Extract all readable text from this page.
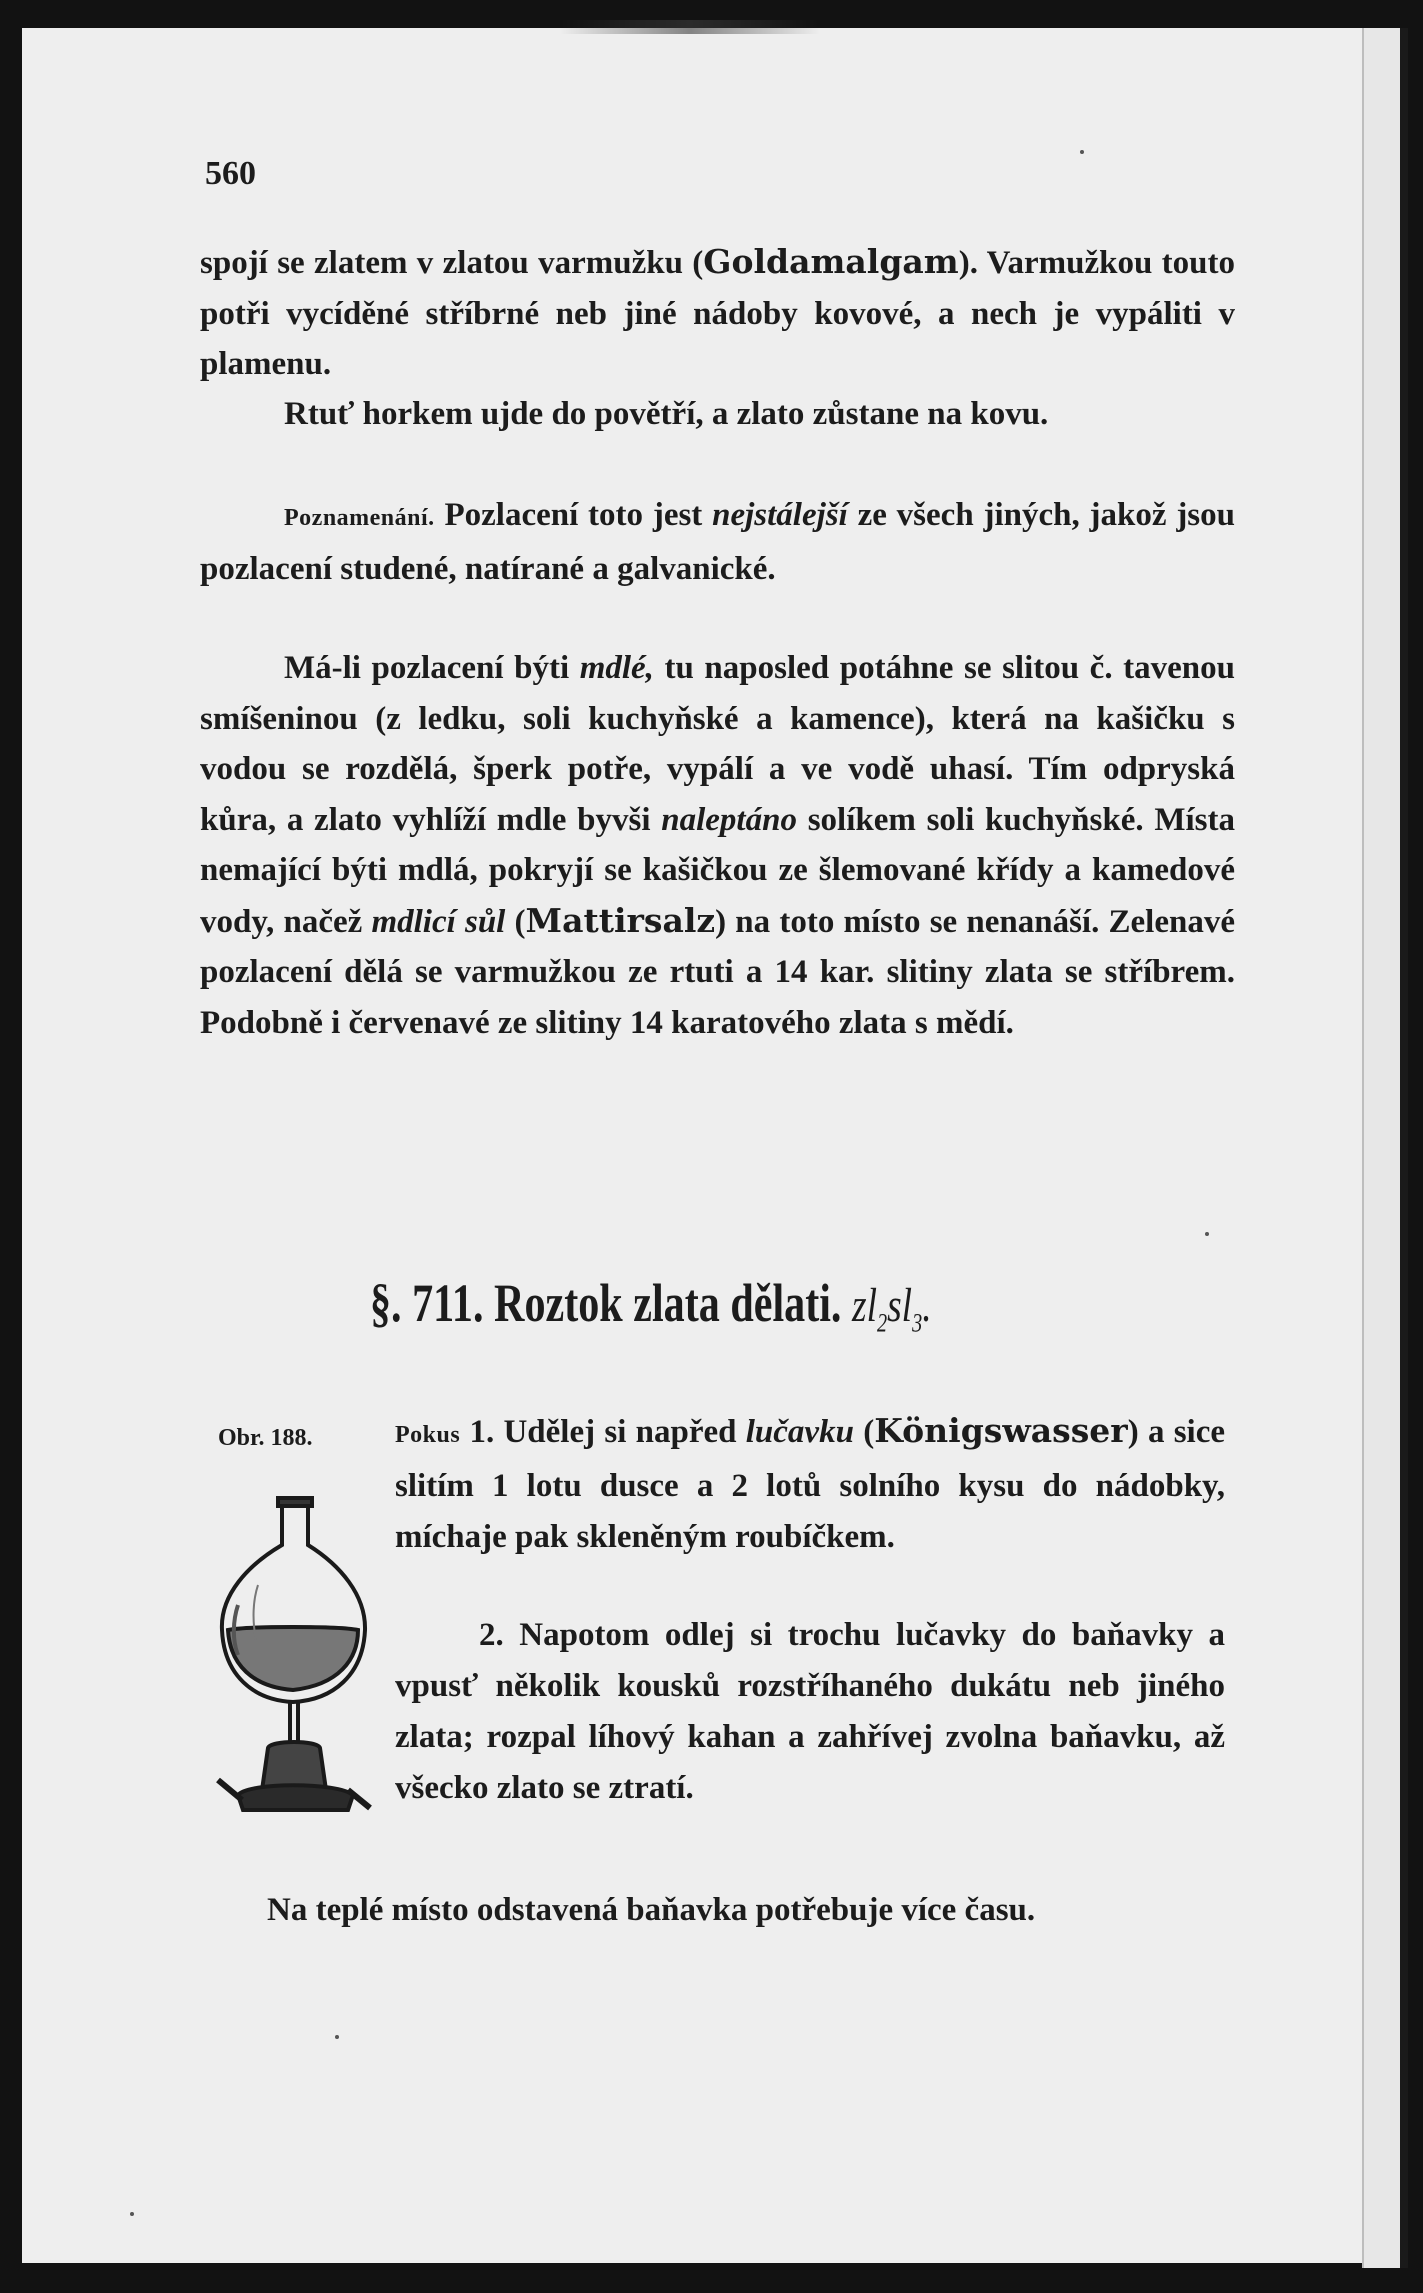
560
spojí se zlatem v zlatou varmužku (Goldamalgam). Varmužkou touto potři vycíděné stříbrné neb jiné nádoby kovové, a nech je vypáliti v plamenu.
Rtuť horkem ujde do povětří, a zlato zůstane na kovu.
Poznamenání. Pozlacení toto jest nejstálejší ze všech jiných, jakož jsou pozlacení studené, natírané a galvanické.
Má-li pozlacení býti mdlé, tu naposled potáhne se slitou č. tavenou smíšeninou (z ledku, soli kuchyňské a kamence), která na kašičku s vodou se rozdělá, šperk potře, vypálí a ve vodě uhasí. Tím odpryská kůra, a zlato vyhlíží mdle byvši naleptáno solíkem soli kuchyňské. Místa nemající býti mdlá, pokryjí se kašičkou ze šlemované křídy a kamedové vody, načež mdlicí sůl (Mattirsalz) na toto místo se nenanáší. Zelenavé pozlacení dělá se varmužkou ze rtuti a 14 kar. slitiny zlata se stříbrem. Podobně i červenavé ze slitiny 14 karatového zlata s mědí.
§. 711. Roztok zlata dělati. $zl_2sl_3$.
Obr. 188.	Pokus 1. Udělej si napřed lučavku (Königswasser) a sice slitím 1 lotu dusce a 2 lotů solního kysu do nádobky, míchaje pak skleněným roubíčkem.
2. Napotom odlej si trochu lučavky do baňavky a vpusť několik kousků rozstříhaného dukátu neb jiného zlata; rozpal líhový kahan a zahřívej zvolna baňavku, až všecko zlato se ztratí.
Na teplé místo odstavená baňavka potřebuje více času.
